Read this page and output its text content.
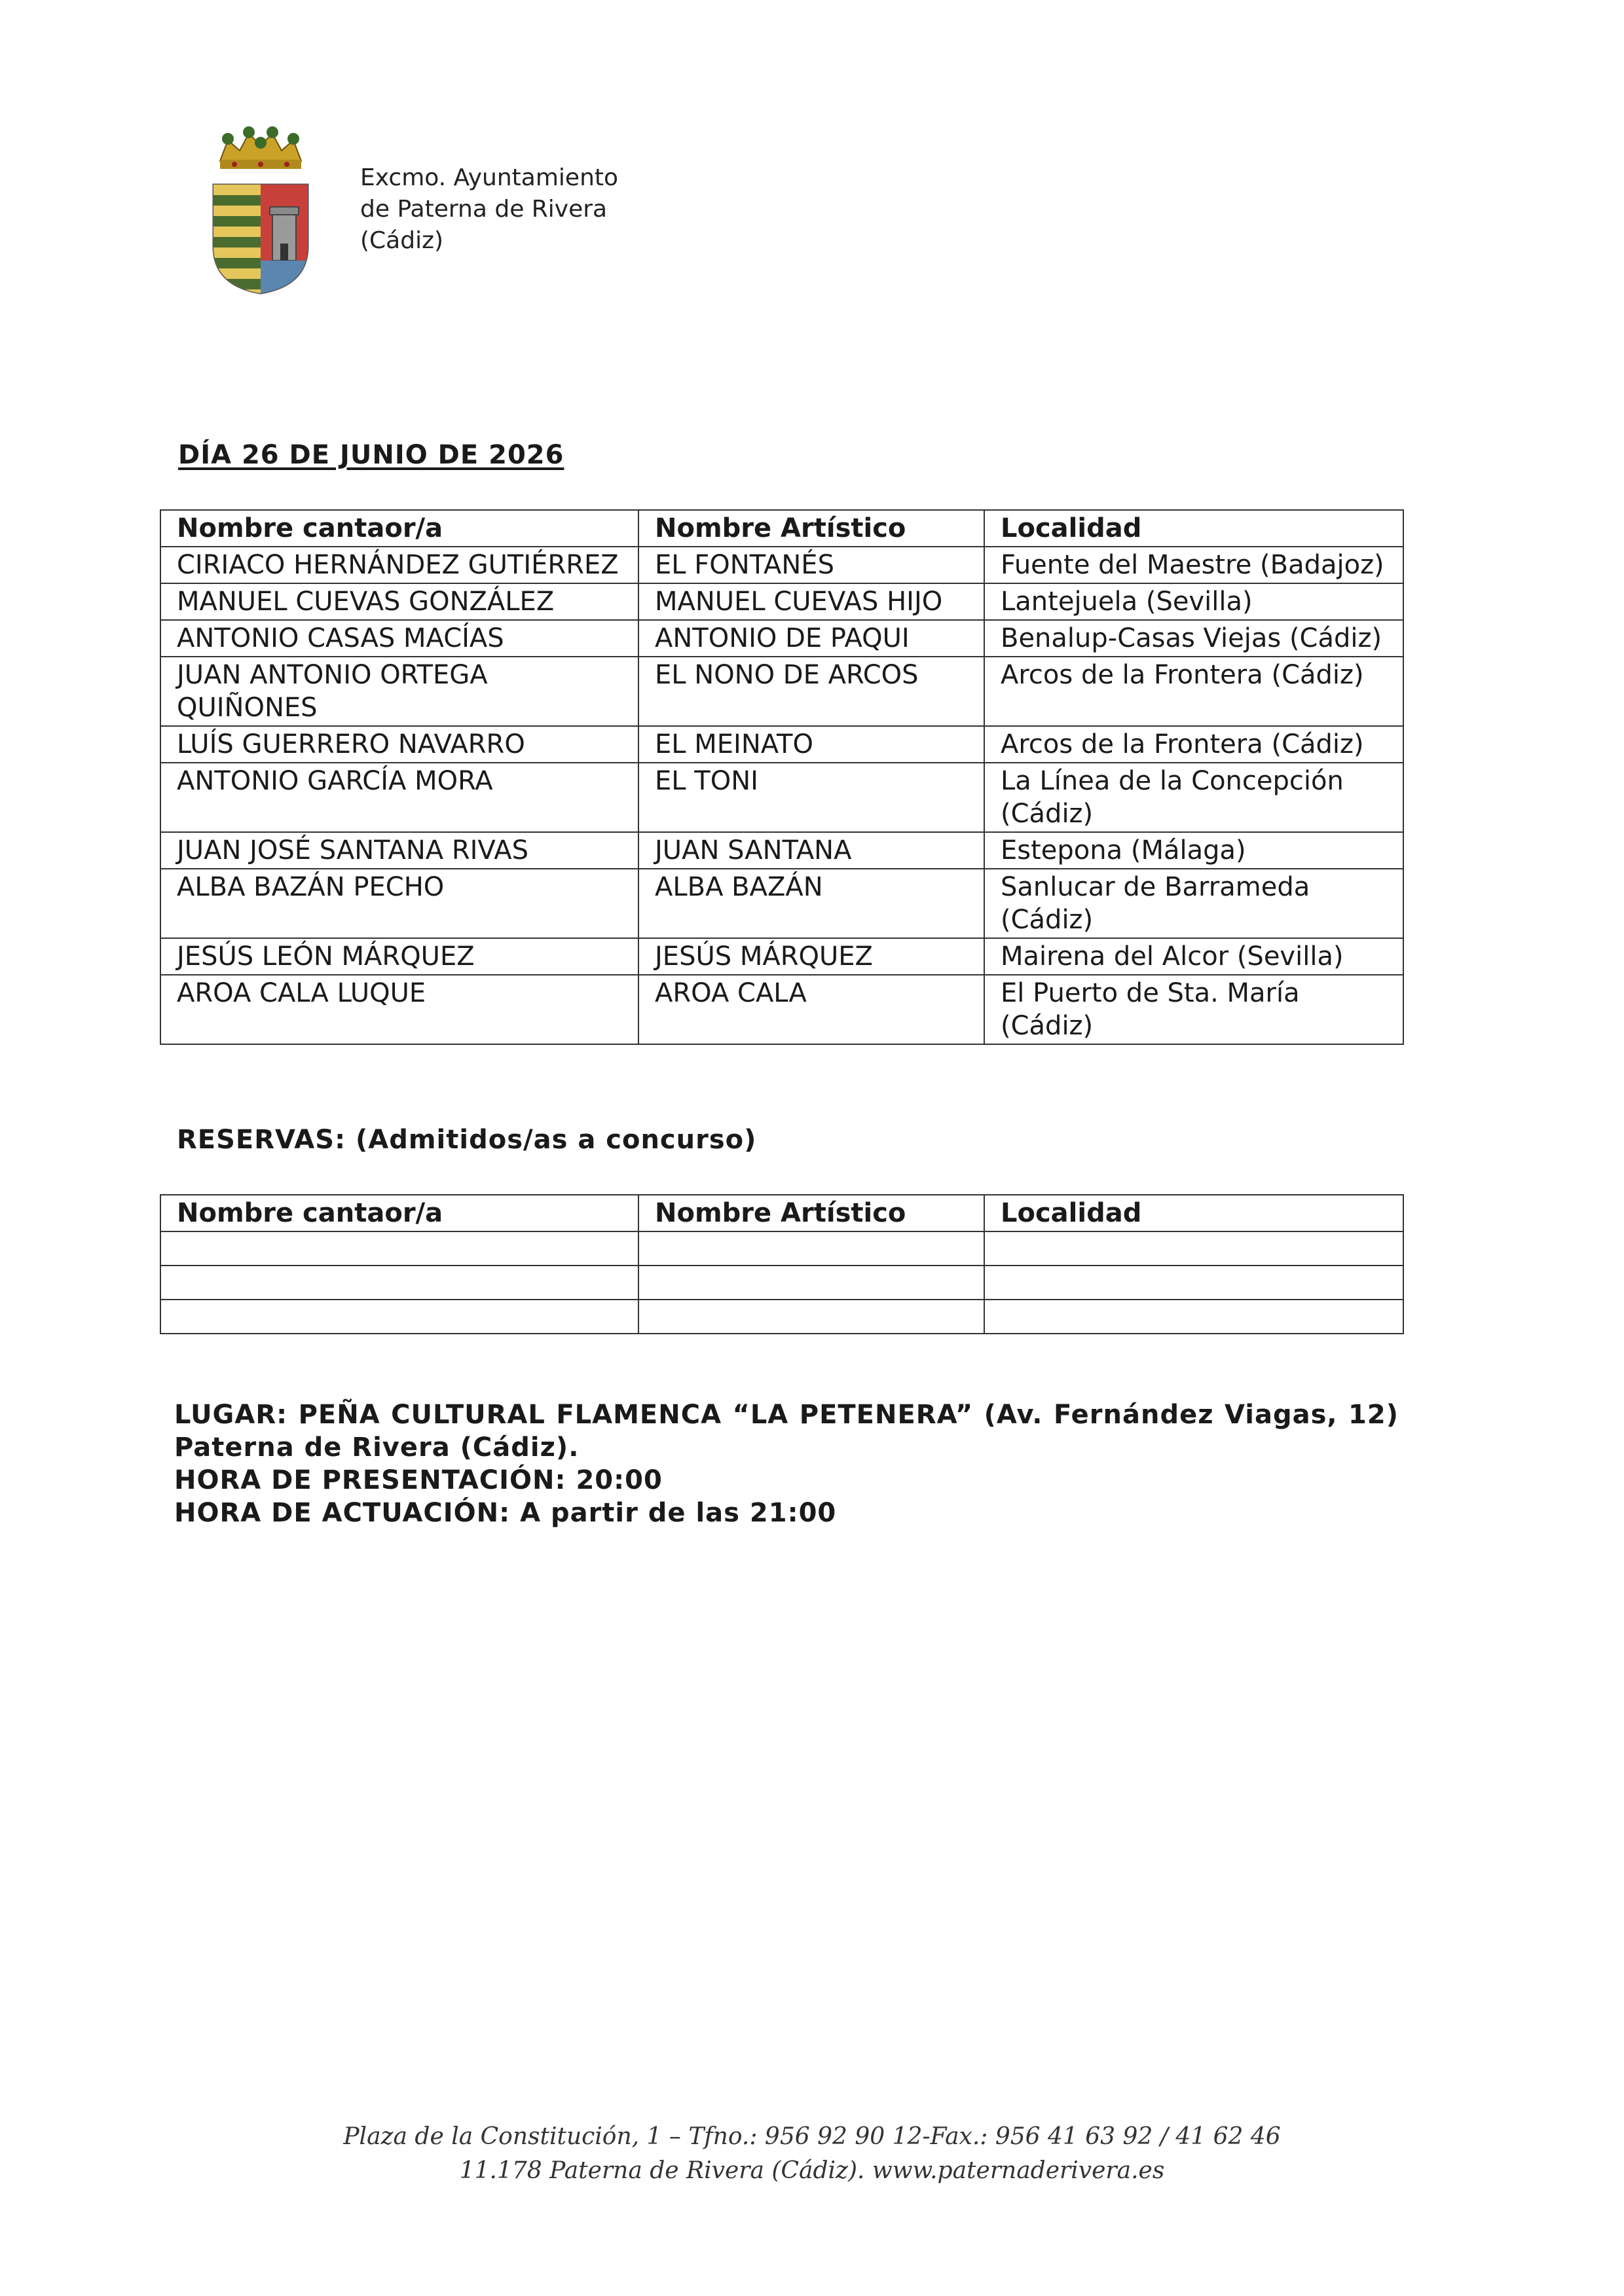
Excmo. Ayuntamiento
de Paterna de Rivera
(Cádiz)
DÍA 26 DE JUNIO DE 2026
Nombre cantaor/a	Nombre Artístico	Localidad
CIRIACO HERNÁNDEZ GUTIÉRREZ	EL FONTANÉS	Fuente del Maestre (Badajoz)
MANUEL CUEVAS GONZÁLEZ	MANUEL CUEVAS HIJO	Lantejuela (Sevilla)
ANTONIO CASAS MACÍAS	ANTONIO DE PAQUI	Benalup-Casas Viejas (Cádiz)
JUAN ANTONIO ORTEGA QUIÑONES	EL NONO DE ARCOS	Arcos de la Frontera (Cádiz)
LUÍS GUERRERO NAVARRO	EL MEINATO	Arcos de la Frontera (Cádiz)
ANTONIO GARCÍA MORA	EL TONI	La Línea de la Concepción (Cádiz)
JUAN JOSÉ SANTANA RIVAS	JUAN SANTANA	Estepona (Málaga)
ALBA BAZÁN PECHO	ALBA BAZÁN	Sanlucar de Barrameda (Cádiz)
JESÚS LEÓN MÁRQUEZ	JESÚS MÁRQUEZ	Mairena del Alcor (Sevilla)
AROA CALA LUQUE	AROA CALA	El Puerto de Sta. María (Cádiz)
RESERVAS: (Admitidos/as a concurso)
Nombre cantaor/a	Nombre Artístico	Localidad

LUGAR: PEÑA CULTURAL FLAMENCA “LA PETENERA” (Av. Fernández Viagas, 12) Paterna de Rivera (Cádiz).
HORA DE PRESENTACIÓN: 20:00
HORA DE ACTUACIÓN: A partir de las 21:00
Plaza de la Constitución, 1 – Tfno.: 956 92 90 12-Fax.: 956 41 63 92 / 41 62 46
11.178 Paterna de Rivera (Cádiz). www.paternaderivera.es
